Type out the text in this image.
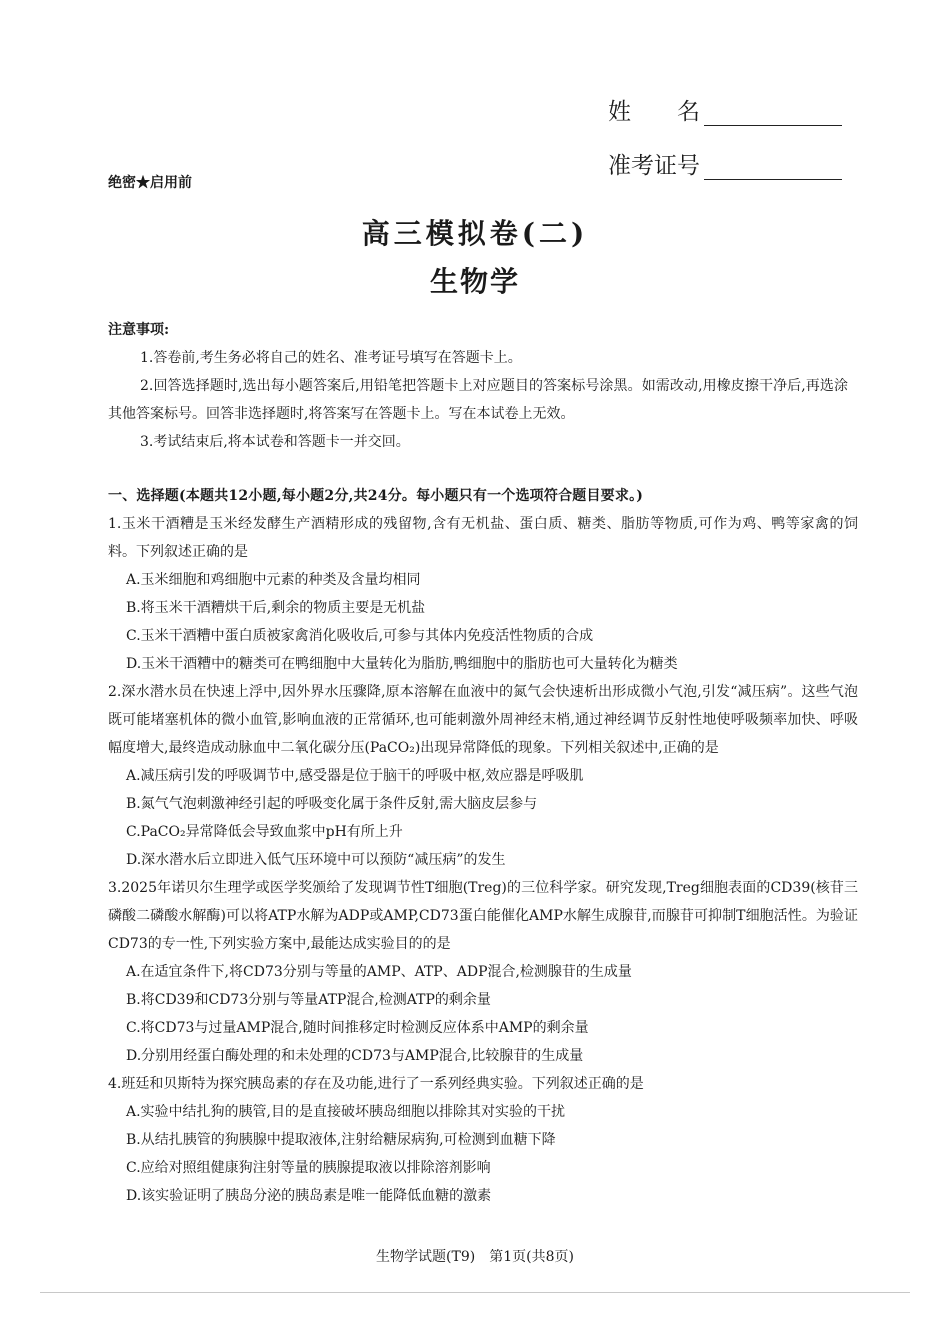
姓　　名
准考证号
绝密★启用前
高三模拟卷(二)
生物学
注意事项:
1.答卷前,考生务必将自己的姓名、准考证号填写在答题卡上。
2.回答选择题时,选出每小题答案后,用铅笔把答题卡上对应题目的答案标号涂黑。如需改动,用橡皮擦干净后,再选涂其他答案标号。回答非选择题时,将答案写在答题卡上。写在本试卷上无效。
3.考试结束后,将本试卷和答题卡一并交回。
一、选择题(本题共12小题,每小题2分,共24分。每小题只有一个选项符合题目要求。)
1.玉米干酒糟是玉米经发酵生产酒精形成的残留物,含有无机盐、蛋白质、糖类、脂肪等物质,可作为鸡、鸭等家禽的饲料。下列叙述正确的是
A.玉米细胞和鸡细胞中元素的种类及含量均相同
B.将玉米干酒糟烘干后,剩余的物质主要是无机盐
C.玉米干酒糟中蛋白质被家禽消化吸收后,可参与其体内免疫活性物质的合成
D.玉米干酒糟中的糖类可在鸭细胞中大量转化为脂肪,鸭细胞中的脂肪也可大量转化为糖类
2.深水潜水员在快速上浮中,因外界水压骤降,原本溶解在血液中的氮气会快速析出形成微小气泡,引发“减压病”。这些气泡既可能堵塞机体的微小血管,影响血液的正常循环,也可能刺激外周神经末梢,通过神经调节反射性地使呼吸频率加快、呼吸幅度增大,最终造成动脉血中二氧化碳分压(PaCO₂)出现异常降低的现象。下列相关叙述中,正确的是
A.减压病引发的呼吸调节中,感受器是位于脑干的呼吸中枢,效应器是呼吸肌
B.氮气气泡刺激神经引起的呼吸变化属于条件反射,需大脑皮层参与
C.PaCO₂异常降低会导致血浆中pH有所上升
D.深水潜水后立即进入低气压环境中可以预防“减压病”的发生
3.2025年诺贝尔生理学或医学奖颁给了发现调节性T细胞(Treg)的三位科学家。研究发现,Treg细胞表面的CD39(核苷三磷酸二磷酸水解酶)可以将ATP水解为ADP或AMP,CD73蛋白能催化AMP水解生成腺苷,而腺苷可抑制T细胞活性。为验证CD73的专一性,下列实验方案中,最能达成实验目的的是
A.在适宜条件下,将CD73分别与等量的AMP、ATP、ADP混合,检测腺苷的生成量
B.将CD39和CD73分别与等量ATP混合,检测ATP的剩余量
C.将CD73与过量AMP混合,随时间推移定时检测反应体系中AMP的剩余量
D.分别用经蛋白酶处理的和未处理的CD73与AMP混合,比较腺苷的生成量
4.班廷和贝斯特为探究胰岛素的存在及功能,进行了一系列经典实验。下列叙述正确的是
A.实验中结扎狗的胰管,目的是直接破坏胰岛细胞以排除其对实验的干扰
B.从结扎胰管的狗胰腺中提取液体,注射给糖尿病狗,可检测到血糖下降
C.应给对照组健康狗注射等量的胰腺提取液以排除溶剂影响
D.该实验证明了胰岛分泌的胰岛素是唯一能降低血糖的激素
生物学试题(T9)　第1页(共8页)
